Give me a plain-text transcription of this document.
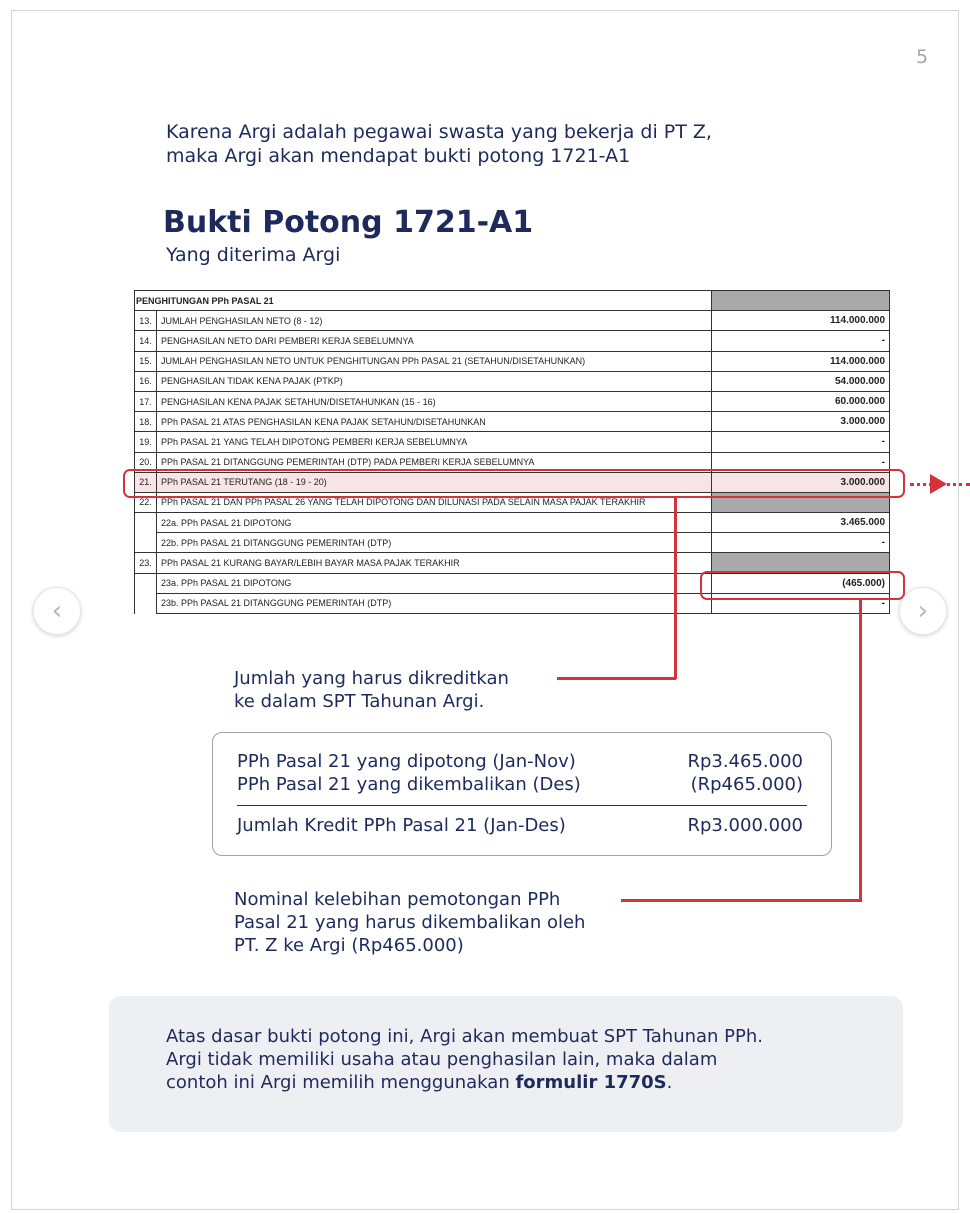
5
Karena Argi adalah pegawai swasta yang bekerja di PT Z,
maka Argi akan mendapat bukti potong 1721-A1
Bukti Potong 1721-A1
Yang diterima Argi
PENGHITUNGAN PPh PASAL 21		
13.	JUMLAH PENGHASILAN NETO (8 - 12)	114.000.000
14.	PENGHASILAN NETO DARI PEMBERI KERJA SEBELUMNYA	-
15.	JUMLAH PENGHASILAN NETO UNTUK PENGHITUNGAN PPh PASAL 21 (SETAHUN/DISETAHUNKAN)	114.000.000
16.	PENGHASILAN TIDAK KENA PAJAK (PTKP)	54.000.000
17.	PENGHASILAN KENA PAJAK SETAHUN/DISETAHUNKAN (15 - 16)	60.000.000
18.	PPh PASAL 21 ATAS PENGHASILAN KENA PAJAK SETAHUN/DISETAHUNKAN	3.000.000
19.	PPh PASAL 21 YANG TELAH DIPOTONG PEMBERI KERJA SEBELUMNYA	-
20.	PPh PASAL 21 DITANGGUNG PEMERINTAH (DTP) PADA PEMBERI KERJA SEBELUMNYA	-
21.	PPh PASAL 21 TERUTANG (18 - 19 - 20)	3.000.000
22.	PPh PASAL 21 DAN PPh PASAL 26 YANG TELAH DIPOTONG DAN DILUNASI PADA SELAIN MASA PAJAK TERAKHIR	
	22a. PPh PASAL 21 DIPOTONG	3.465.000
	22b. PPh PASAL 21 DITANGGUNG PEMERINTAH (DTP)	-
23.	PPh PASAL 21 KURANG BAYAR/LEBIH BAYAR MASA PAJAK TERAKHIR	
	23a. PPh PASAL 21 DIPOTONG	(465.000)
	23b. PPh PASAL 21 DITANGGUNG PEMERINTAH (DTP)	-
‹	›
Jumlah yang harus dikreditkan
ke dalam SPT Tahunan Argi.
PPh Pasal 21 yang dipotong (Jan-Nov)	Rp3.465.000
PPh Pasal 21 yang dikembalikan (Des)	(Rp465.000)
Jumlah Kredit PPh Pasal 21 (Jan-Des)	Rp3.000.000
Nominal kelebihan pemotongan PPh
Pasal 21 yang harus dikembalikan oleh
PT. Z ke Argi (Rp465.000)
Atas dasar bukti potong ini, Argi akan membuat SPT Tahunan PPh.
Argi tidak memiliki usaha atau penghasilan lain, maka dalam
contoh ini Argi memilih menggunakan formulir 1770S.
